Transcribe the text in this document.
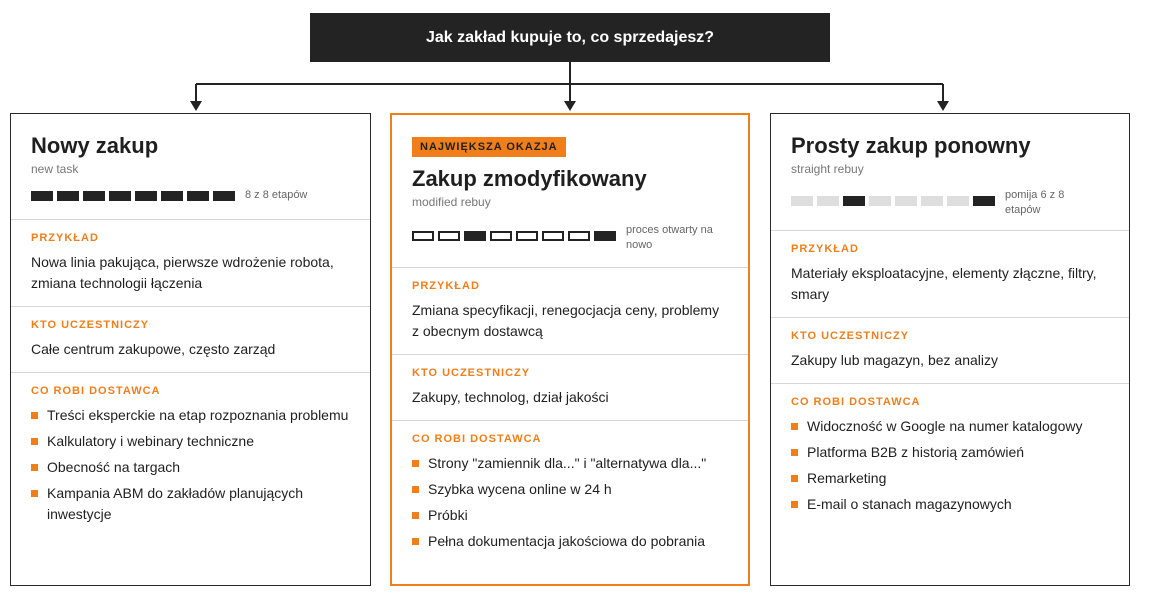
Jak zakład kupuje to, co sprzedajesz?
Nowy zakup
new task
8 z 8 etapów
PRZYKŁAD
Nowa linia pakująca, pierwsze wdrożenie robota, zmiana technologii łączenia
KTO UCZESTNICZY
Całe centrum zakupowe, często zarząd
CO ROBI DOSTAWCA
Treści eksperckie na etap rozpoznania problemu
Kalkulatory i webinary techniczne
Obecność na targach
Kampania ABM do zakładów planujących inwestycje
NAJWIĘKSZA OKAZJA
Zakup zmodyfikowany
modified rebuy
proces otwarty na nowo
PRZYKŁAD
Zmiana specyfikacji, renegocjacja ceny, problemy z obecnym dostawcą
KTO UCZESTNICZY
Zakupy, technolog, dział jakości
CO ROBI DOSTAWCA
Strony "zamiennik dla..." i "alternatywa dla..."
Szybka wycena online w 24 h
Próbki
Pełna dokumentacja jakościowa do pobrania
Prosty zakup ponowny
straight rebuy
pomija 6 z 8 etapów
PRZYKŁAD
Materiały eksploatacyjne, elementy złączne, filtry, smary
KTO UCZESTNICZY
Zakupy lub magazyn, bez analizy
CO ROBI DOSTAWCA
Widoczność w Google na numer katalogowy
Platforma B2B z historią zamówień
Remarketing
E-mail o stanach magazynowych
